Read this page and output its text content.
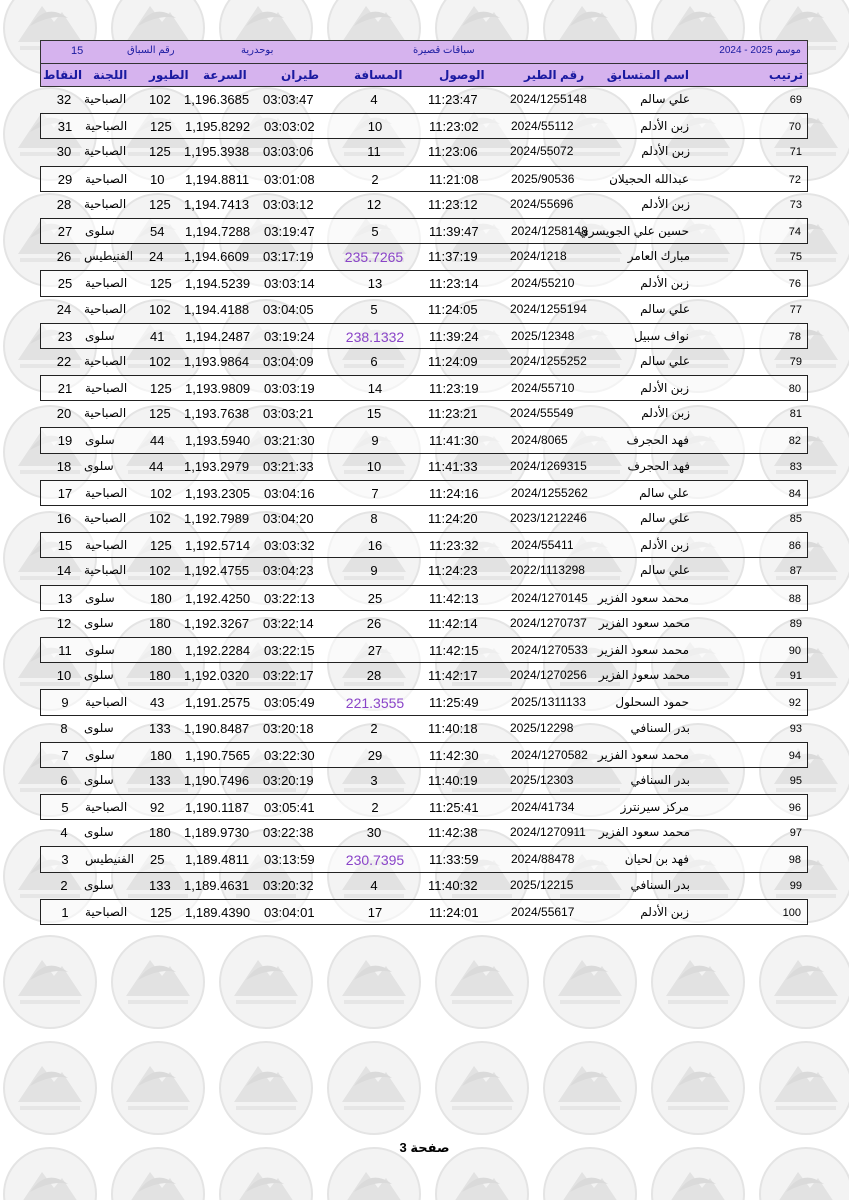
موسم 2025 - 2024
سباقات قصيرة
بوحدرية
رقم السباق
15
ترتيب
اسم المتسابق
رقم الطير
الوصول
المسافة
طيران
السرعة
الطيور
اللجنة
النقاط
69
علي سالم
2024/1255148
11:23:47
4
03:03:47
1,196.3685
102
الصباحية
32
70
زبن الأدلم
2024/55112
11:23:02
10
03:03:02
1,195.8292
125
الصباحية
31
71
زبن الأدلم
2024/55072
11:23:06
11
03:03:06
1,195.3938
125
الصباحية
30
72
عبدالله الحجيلان
2025/90536
11:21:08
2
03:01:08
1,194.8811
10
الصباحية
29
73
زبن الأدلم
2024/55696
11:23:12
12
03:03:12
1,194.7413
125
الصباحية
28
74
حسين علي الجويسري
2024/1258148
11:39:47
5
03:19:47
1,194.7288
54
سلوى
27
75
مبارك العامر
2024/1218
11:37:19
235.7265
03:17:19
1,194.6609
24
الفنيطيس
26
76
زبن الأدلم
2024/55210
11:23:14
13
03:03:14
1,194.5239
125
الصباحية
25
77
علي سالم
2024/1255194
11:24:05
5
03:04:05
1,194.4188
102
الصباحية
24
78
نواف سبيل
2025/12348
11:39:24
238.1332
03:19:24
1,194.2487
41
سلوى
23
79
علي سالم
2024/1255252
11:24:09
6
03:04:09
1,193.9864
102
الصباحية
22
80
زبن الأدلم
2024/55710
11:23:19
14
03:03:19
1,193.9809
125
الصباحية
21
81
زبن الأدلم
2024/55549
11:23:21
15
03:03:21
1,193.7638
125
الصباحية
20
82
فهد الحجرف
2024/8065
11:41:30
9
03:21:30
1,193.5940
44
سلوى
19
83
فهد الحجرف
2024/1269315
11:41:33
10
03:21:33
1,193.2979
44
سلوى
18
84
علي سالم
2024/1255262
11:24:16
7
03:04:16
1,193.2305
102
الصباحية
17
85
علي سالم
2023/1212246
11:24:20
8
03:04:20
1,192.7989
102
الصباحية
16
86
زبن الأدلم
2024/55411
11:23:32
16
03:03:32
1,192.5714
125
الصباحية
15
87
علي سالم
2022/1113298
11:24:23
9
03:04:23
1,192.4755
102
الصباحية
14
88
محمد سعود الفزير
2024/1270145
11:42:13
25
03:22:13
1,192.4250
180
سلوى
13
89
محمد سعود الفزير
2024/1270737
11:42:14
26
03:22:14
1,192.3267
180
سلوى
12
90
محمد سعود الفزير
2024/1270533
11:42:15
27
03:22:15
1,192.2284
180
سلوى
11
91
محمد سعود الفزير
2024/1270256
11:42:17
28
03:22:17
1,192.0320
180
سلوى
10
92
حمود السحلول
2025/1311133
11:25:49
221.3555
03:05:49
1,191.2575
43
الصباحية
9
93
بدر السنافي
2025/12298
11:40:18
2
03:20:18
1,190.8487
133
سلوى
8
94
محمد سعود الفزير
2024/1270582
11:42:30
29
03:22:30
1,190.7565
180
سلوى
7
95
بدر السنافي
2025/12303
11:40:19
3
03:20:19
1,190.7496
133
سلوى
6
96
مركز سيرنترز
2024/41734
11:25:41
2
03:05:41
1,190.1187
92
الصباحية
5
97
محمد سعود الفزير
2024/1270911
11:42:38
30
03:22:38
1,189.9730
180
سلوى
4
98
فهد بن لحيان
2024/88478
11:33:59
230.7395
03:13:59
1,189.4811
25
الفنيطيس
3
99
بدر السنافي
2025/12215
11:40:32
4
03:20:32
1,189.4631
133
سلوى
2
100
زبن الأدلم
2024/55617
11:24:01
17
03:04:01
1,189.4390
125
الصباحية
1
صفحة 3
